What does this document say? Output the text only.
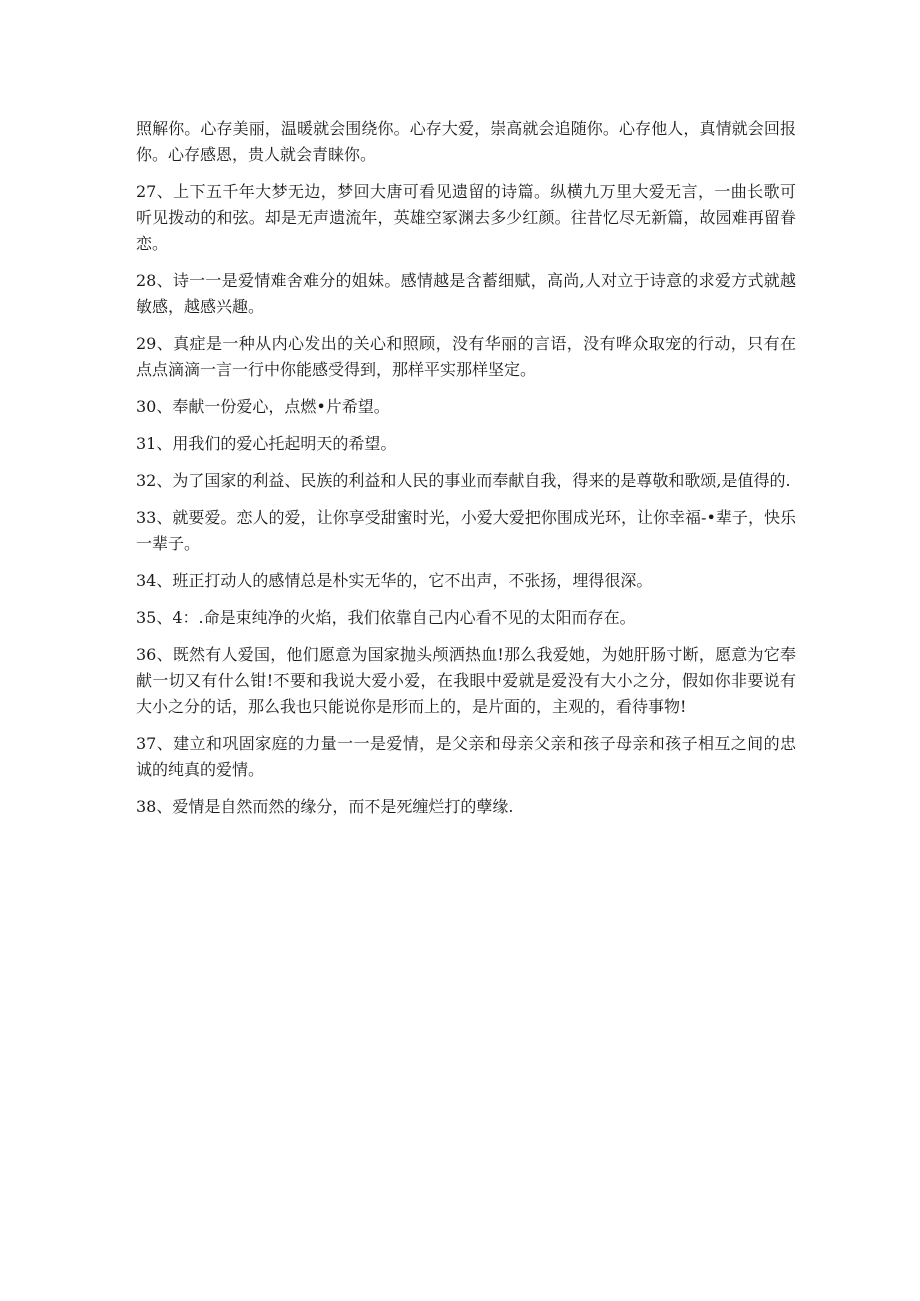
照解你。心存美丽，温暖就会围绕你。心存大爱，崇高就会追随你。心存他人，真情就会回报你。心存感恩，贵人就会青睐你。

27、上下五千年大梦无边，梦回大唐可看见遗留的诗篇。纵横九万里大爱无言，一曲长歌可听见拨动的和弦。却是无声遗流年，英雄空冢渊去多少红颜。往昔忆尽无新篇，故园难再留眷恋。

28、诗一一是爱情难舍难分的姐妹。感情越是含蓄细赋，高尚,人对立于诗意的求爱方式就越敏感，越感兴趣。

29、真症是一种从内心发出的关心和照顾，没有华丽的言语，没有哗众取宠的行动，只有在点点滴滴一言一行中你能感受得到，那样平实那样坚定。

30、奉献一份爱心，点燃•片希望。

31、用我们的爱心托起明天的希望。

32、为了国家的利益、民族的利益和人民的事业而奉献自我，得来的是尊敬和歌颂,是值得的.

33、就要爱。恋人的爱，让你享受甜蜜时光，小爱大爱把你围成光环，让你幸福-•辈子，快乐一辈子。

34、班正打动人的感情总是朴实无华的，它不出声，不张扬，埋得很深。

35、4：.命是束纯净的火焰，我们依靠自己内心看不见的太阳而存在。

36、既然有人爱国，他们愿意为国家抛头颅洒热血!那么我爱她，为她肝肠寸断，愿意为它奉献一切又有什么钳!不要和我说大爱小爱，在我眼中爱就是爱没有大小之分，假如你非要说有大小之分的话，那么我也只能说你是形而上的，是片面的，主观的，看待事物!

37、建立和巩固家庭的力量一一是爱情，是父亲和母亲父亲和孩子母亲和孩子相互之间的忠诚的纯真的爱情。

38、爱情是自然而然的缘分，而不是死缠烂打的孽缘.
